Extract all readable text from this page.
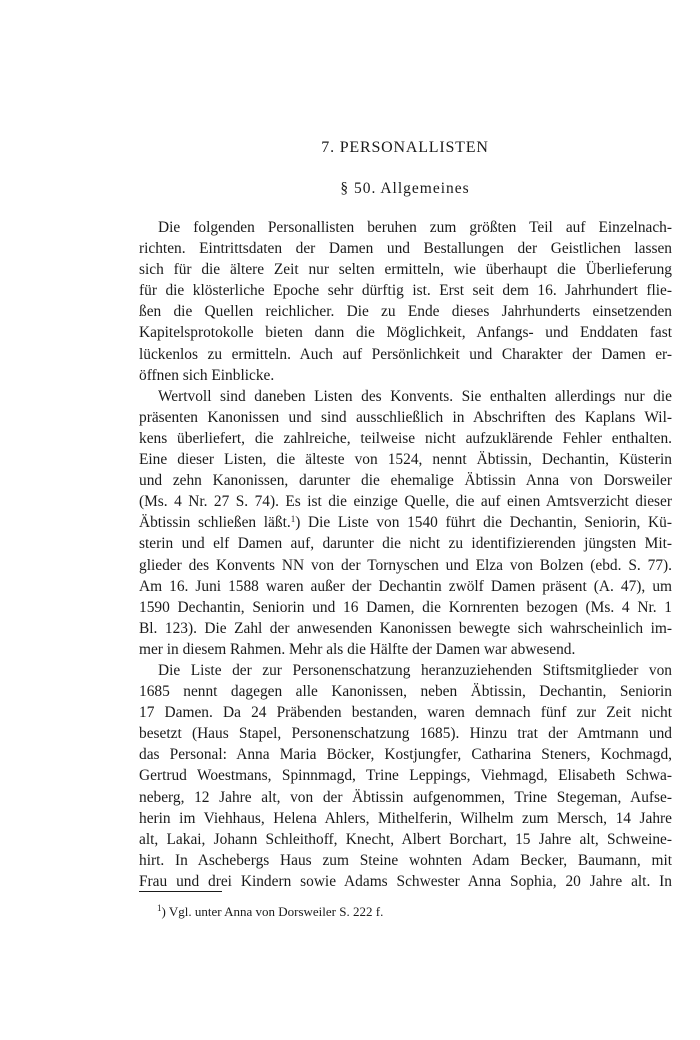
7. PERSONALLISTEN
§ 50. Allgemeines
Die folgenden Personallisten beruhen zum größten Teil auf Einzelnach-
richten. Eintrittsdaten der Damen und Bestallungen der Geistlichen lassen
sich für die ältere Zeit nur selten ermitteln, wie überhaupt die Überlieferung
für die klösterliche Epoche sehr dürftig ist. Erst seit dem 16. Jahrhundert flie-
ßen die Quellen reichlicher. Die zu Ende dieses Jahrhunderts einsetzenden
Kapitelsprotokolle bieten dann die Möglichkeit, Anfangs- und Enddaten fast
lückenlos zu ermitteln. Auch auf Persönlichkeit und Charakter der Damen er-
öffnen sich Einblicke.
Wertvoll sind daneben Listen des Konvents. Sie enthalten allerdings nur die
präsenten Kanonissen und sind ausschließlich in Abschriften des Kaplans Wil-
kens überliefert, die zahlreiche, teilweise nicht aufzuklärende Fehler enthalten.
Eine dieser Listen, die älteste von 1524, nennt Äbtissin, Dechantin, Küsterin
und zehn Kanonissen, darunter die ehemalige Äbtissin Anna von Dorsweiler
(Ms. 4 Nr. 27 S. 74). Es ist die einzige Quelle, die auf einen Amtsverzicht dieser
Äbtissin schließen läßt.$^1$) Die Liste von 1540 führt die Dechantin, Seniorin, Kü-
sterin und elf Damen auf, darunter die nicht zu identifizierenden jüngsten Mit-
glieder des Konvents NN von der Tornyschen und Elza von Bolzen (ebd. S. 77).
Am 16. Juni 1588 waren außer der Dechantin zwölf Damen präsent (A. 47), um
1590 Dechantin, Seniorin und 16 Damen, die Kornrenten bezogen (Ms. 4 Nr. 1
Bl. 123). Die Zahl der anwesenden Kanonissen bewegte sich wahrscheinlich im-
mer in diesem Rahmen. Mehr als die Hälfte der Damen war abwesend.
Die Liste der zur Personenschatzung heranzuziehenden Stiftsmitglieder von
1685 nennt dagegen alle Kanonissen, neben Äbtissin, Dechantin, Seniorin
17 Damen. Da 24 Präbenden bestanden, waren demnach fünf zur Zeit nicht
besetzt (Haus Stapel, Personenschatzung 1685). Hinzu trat der Amtmann und
das Personal: Anna Maria Böcker, Kostjungfer, Catharina Steners, Kochmagd,
Gertrud Woestmans, Spinnmagd, Trine Leppings, Viehmagd, Elisabeth Schwa-
neberg, 12 Jahre alt, von der Äbtissin aufgenommen, Trine Stegeman, Aufse-
herin im Viehhaus, Helena Ahlers, Mithelferin, Wilhelm zum Mersch, 14 Jahre
alt, Lakai, Johann Schleithoff, Knecht, Albert Borchart, 15 Jahre alt, Schweine-
hirt. In Aschebergs Haus zum Steine wohnten Adam Becker, Baumann, mit
Frau und drei Kindern sowie Adams Schwester Anna Sophia, 20 Jahre alt. In
$^1$) Vgl. unter Anna von Dorsweiler S. 222 f.
